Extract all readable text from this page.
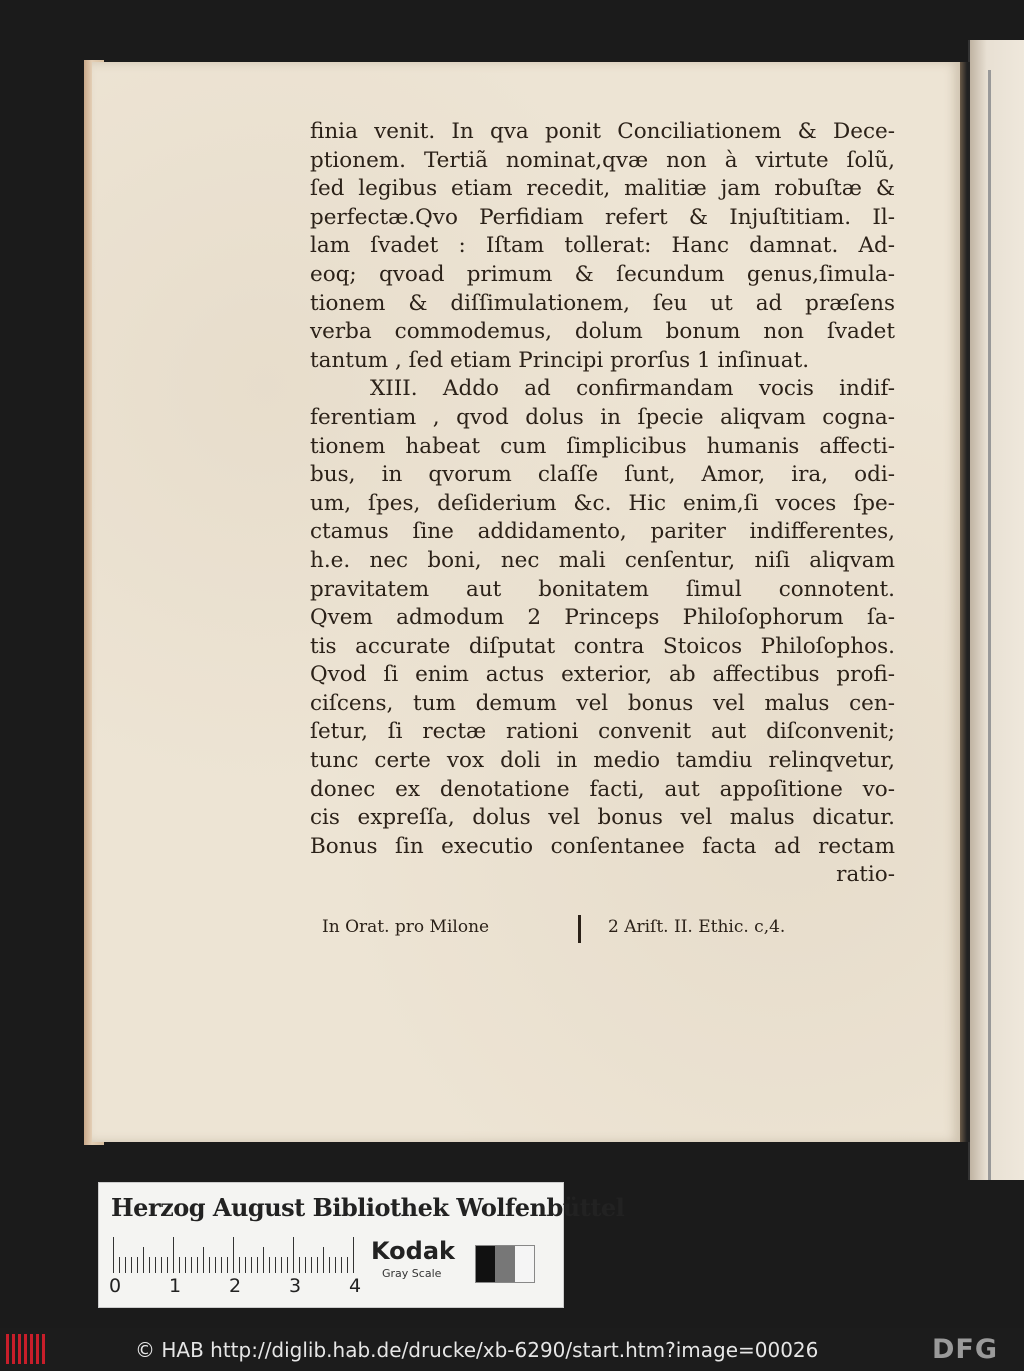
finia venit. In qva ponit Conciliationem & Dece-
ptionem. Tertiã nominat,qvæ non à virtute ſolũ,
ſed legibus etiam recedit, malitiæ jam robuſtæ &
perfectæ.Qvo Perfidiam refert & Injuſtitiam. Il-
lam ſvadet : Iſtam tollerat: Hanc damnat. Ad-
eoq; qvoad primum & ſecundum genus,ſimula-
tionem & diſſimulationem, ſeu ut ad præſens
verba commodemus, dolum bonum non ſvadet
tantum , ſed etiam Principi prorſus 1 inſinuat.
XIII. Addo ad confirmandam vocis indif-
ferentiam , qvod dolus in ſpecie aliqvam cogna-
tionem habeat cum ſimplicibus humanis affecti-
bus, in qvorum claſſe ſunt, Amor, ira, odi-
um, ſpes, deſiderium &c. Hic enim,ſi voces ſpe-
ctamus ſine addidamento, pariter indifferentes,
h.e. nec boni, nec mali cenſentur, niſi aliqvam
pravitatem aut bonitatem ſimul connotent.
Qvem admodum 2 Princeps Philoſophorum ſa-
tis accurate diſputat contra Stoicos Philoſophos.
Qvod ſi enim actus exterior, ab affectibus profi-
ciſcens, tum demum vel bonus vel malus cen-
ſetur, ſi rectæ rationi convenit aut diſconvenit;
tunc certe vox doli in medio tamdiu relinqvetur,
donec ex denotatione facti, aut appoſitione vo-
cis expreſſa, dolus vel bonus vel malus dicatur.
Bonus ſin executio conſentanee facta ad rectam
ratio-
In Orat. pro Milone	2 Ariſt. II. Ethic. c,4.
Herzog August Bibliothek Wolfenbüttel
0	1	2	3	4
Kodak
Gray Scale
© HAB http://diglib.hab.de/drucke/xb-6290/start.htm?image=00026	DFG
